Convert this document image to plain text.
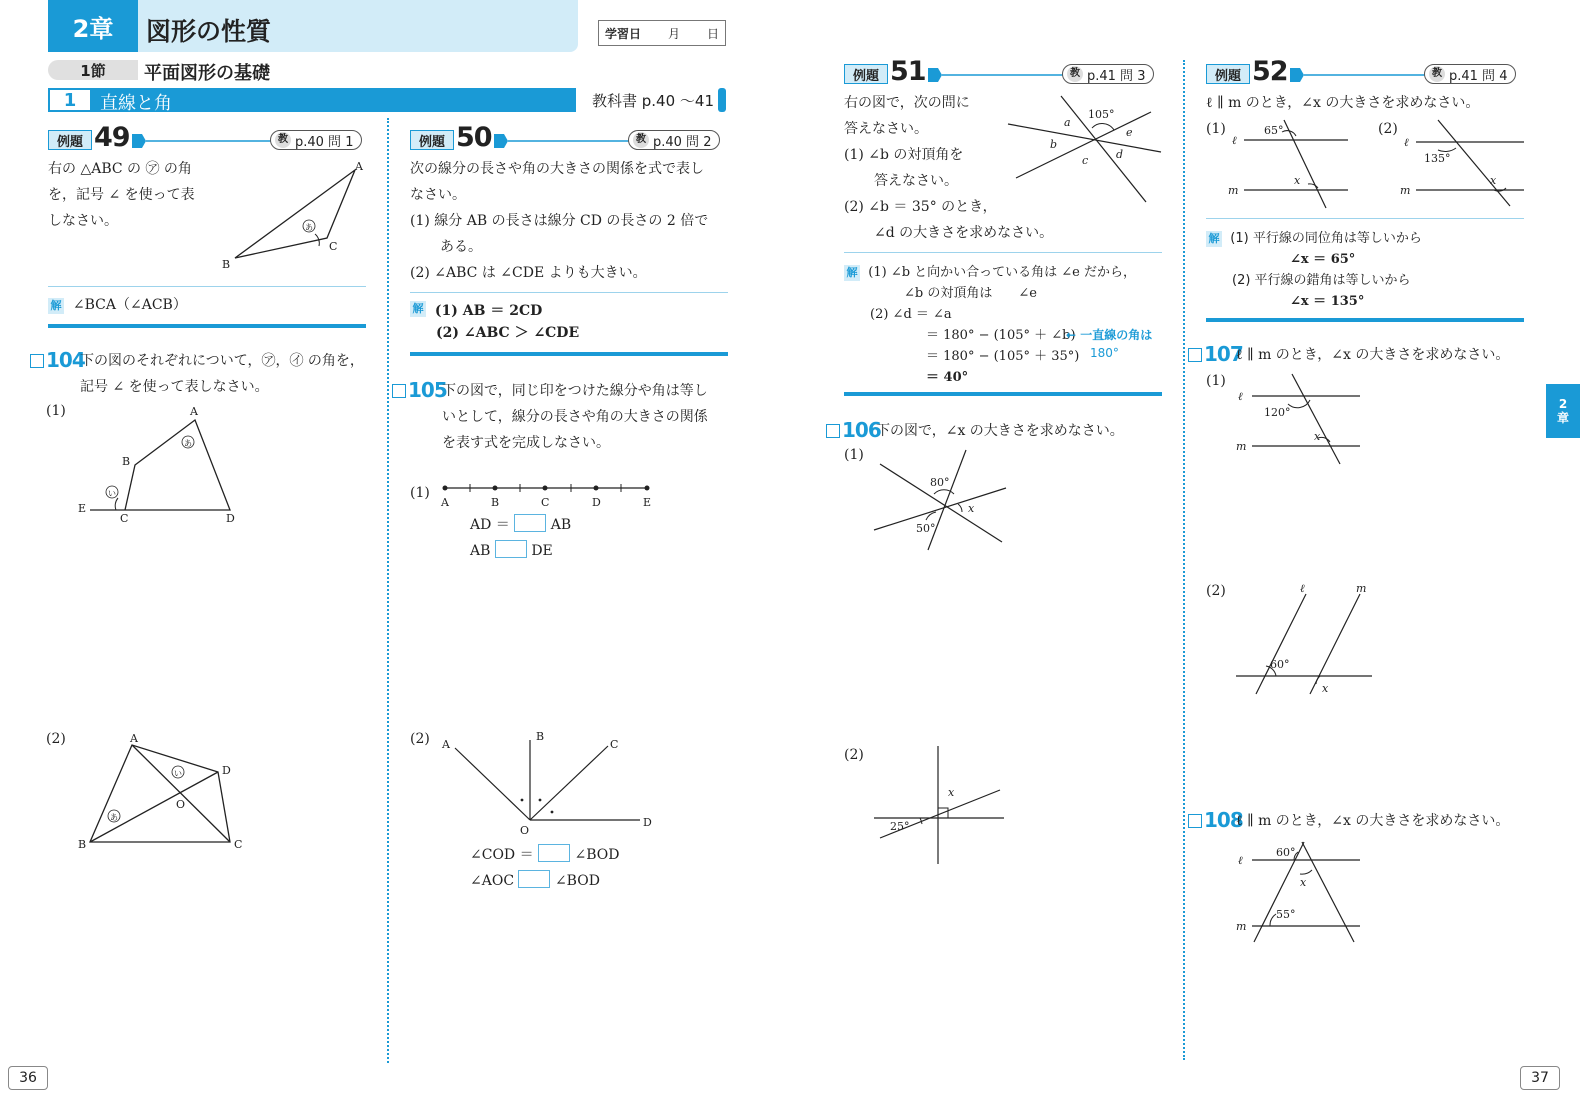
2章	図形の性質	学習日 月 日
1節	平面図形の基礎
1	直線と角	教科書 p.40 〜41
例題 49	教 p.40 問 1
右の △ABC の ㋐ の角
を，記号 ∠ を使って表
しなさい。
A
B
C
あ
解 ∠BCA（∠ACB）
104
下の図のそれぞれについて，㋐，㋑ の角を，
記号 ∠ を使って表しなさい。
(1)	A
B
C	D
E
あ
い
(2)	A
B	C
D
O
い
あ
例題 50	教 p.40 問 2
次の線分の長さや角の大きさの関係を式で表し
なさい。
(1) 線分 AB の長さは線分 CD の長さの 2 倍で
ある。
(2) ∠ABC は ∠CDE よりも大きい。
解 (1) AB ＝ 2CD
(2) ∠ABC ＞ ∠CDE
105
下の図で，同じ印をつけた線分や角は等し
いとして，線分の長さや角の大きさの関係
を表す式を完成しなさい。
(1)
A	B	C	D	E
AD ＝	AB
AB	DE
(2) A
B
C
D
O
∠COD ＝	∠BOD
∠AOC	∠BOD
36
例題 51	教 p.41 問 3
右の図で，次の問に
答えなさい。
(1) ∠b の対頂角を
答えなさい。
(2) ∠b ＝ 35° のとき，
∠d の大きさを求めなさい。
105°
a
b
c	d
e
解 (1) ∠b と向かい合っている角は ∠e だから，
∠b の対頂角は　　∠e
(2) ∠d ＝ ∠a
＝ 180° − (105° ＋ ∠b)
＝ 180° − (105° ＋ 35°)
＝ 40°
← 一直線の角は
180°
106
下の図で，∠x の大きさを求めなさい。
(1)
80°
50°
x
(2)
25°
x
例題 52	教 p.41 問 4
ℓ ∥ m のとき，∠x の大きさを求めなさい。
(1)	65°
ℓ
m
x
(2)
135°
ℓ
m
x
解 (1) 平行線の同位角は等しいから
∠x ＝ 65°
(2) 平行線の錯角は等しいから
∠x ＝ 135°
107
ℓ ∥ m のとき，∠x の大きさを求めなさい。
(1)
120°
ℓ
m
x
(2)
60°
ℓ	m
x
108
ℓ ∥ m のとき，∠x の大きさを求めなさい。
60°
55°
ℓ
m
x
2
章
37
